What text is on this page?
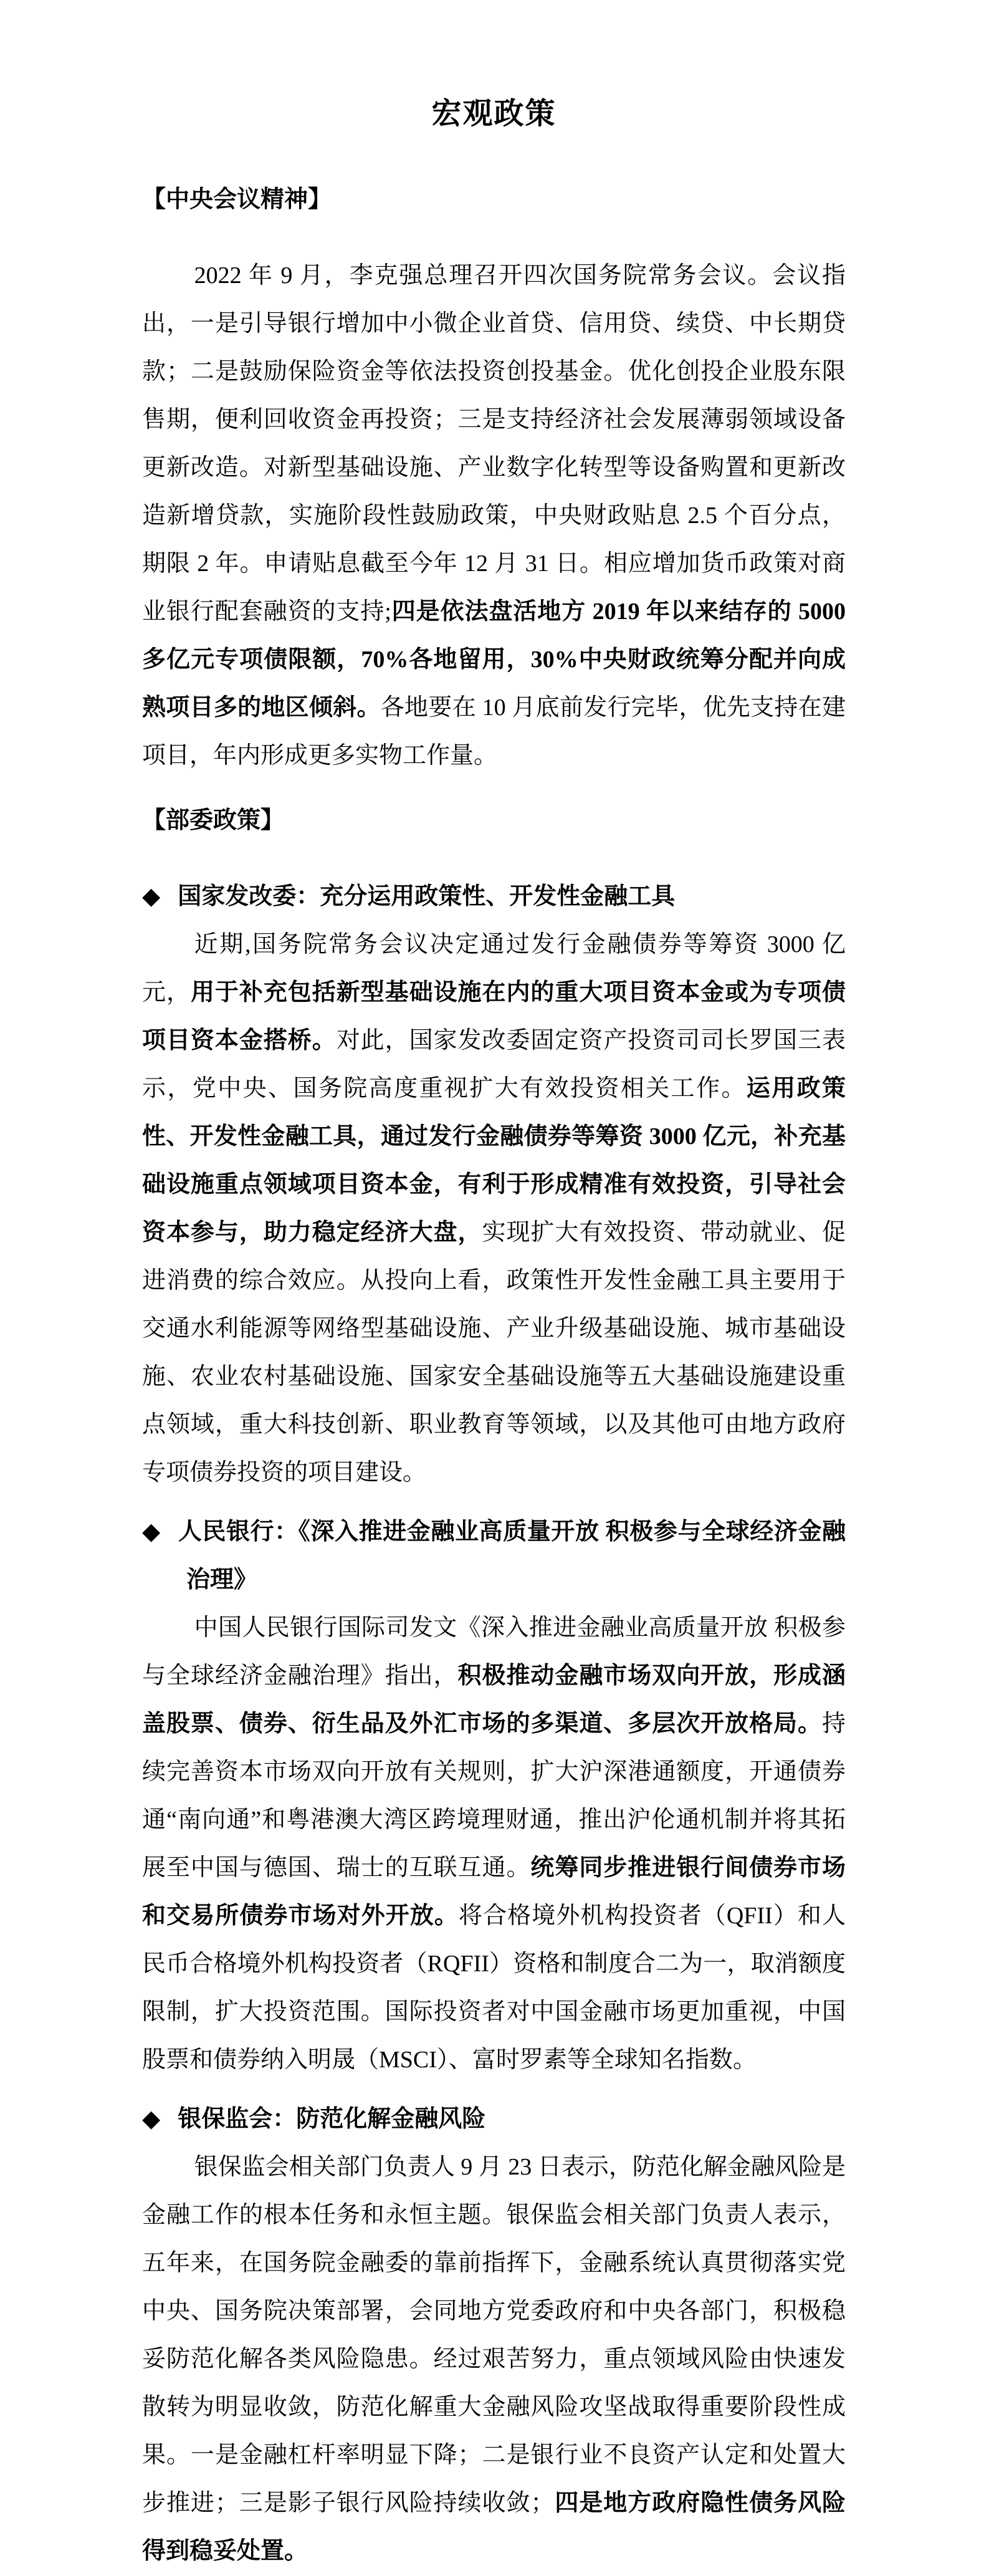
宏观政策
【中央会议精神】

2022 年 9 月，李克强总理召开四次国务院常务会议。会议指出，一是引导银行增加中小微企业首贷、信用贷、续贷、中长期贷款；二是鼓励保险资金等依法投资创投基金。优化创投企业股东限售期，便利回收资金再投资；三是支持经济社会发展薄弱领域设备更新改造。对新型基础设施、产业数字化转型等设备购置和更新改造新增贷款，实施阶段性鼓励政策，中央财政贴息 2.5 个百分点，期限 2 年。申请贴息截至今年 12 月 31 日。相应增加货币政策对商业银行配套融资的支持;四是依法盘活地方 2019 年以来结存的 5000 多亿元专项债限额，70%各地留用，30%中央财政统筹分配并向成熟项目多的地区倾斜。各地要在 10 月底前发行完毕，优先支持在建项目，年内形成更多实物工作量。

【部委政策】
◆ 国家发改委：充分运用政策性、开发性金融工具

近期,国务院常务会议决定通过发行金融债券等筹资 3000 亿元，用于补充包括新型基础设施在内的重大项目资本金或为专项债项目资本金搭桥。对此，国家发改委固定资产投资司司长罗国三表示，党中央、国务院高度重视扩大有效投资相关工作。运用政策性、开发性金融工具，通过发行金融债券等筹资 3000 亿元，补充基础设施重点领域项目资本金，有利于形成精准有效投资，引导社会资本参与，助力稳定经济大盘，实现扩大有效投资、带动就业、促进消费的综合效应。从投向上看，政策性开发性金融工具主要用于交通水利能源等网络型基础设施、产业升级基础设施、城市基础设施、农业农村基础设施、国家安全基础设施等五大基础设施建设重点领域，重大科技创新、职业教育等领域，以及其他可由地方政府专项债券投资的项目建设。

◆ 人民银行：《深入推进金融业高质量开放 积极参与全球经济金融治理》

中国人民银行国际司发文《深入推进金融业高质量开放 积极参与全球经济金融治理》指出，积极推动金融市场双向开放，形成涵盖股票、债券、衍生品及外汇市场的多渠道、多层次开放格局。持续完善资本市场双向开放有关规则，扩大沪深港通额度，开通债券通“南向通”和粤港澳大湾区跨境理财通，推出沪伦通机制并将其拓展至中国与德国、瑞士的互联互通。统筹同步推进银行间债券市场和交易所债券市场对外开放。将合格境外机构投资者（QFII）和人民币合格境外机构投资者（RQFII）资格和制度合二为一，取消额度限制，扩大投资范围。国际投资者对中国金融市场更加重视，中国股票和债券纳入明晟（MSCI）、富时罗素等全球知名指数。

◆ 银保监会：防范化解金融风险

银保监会相关部门负责人 9 月 23 日表示，防范化解金融风险是金融工作的根本任务和永恒主题。银保监会相关部门负责人表示，五年来，在国务院金融委的靠前指挥下，金融系统认真贯彻落实党中央、国务院决策部署，会同地方党委政府和中央各部门，积极稳妥防范化解各类风险隐患。经过艰苦努力，重点领域风险由快速发散转为明显收敛，防范化解重大金融风险攻坚战取得重要阶段性成果。一是金融杠杆率明显下降；二是银行业不良资产认定和处置大步推进；三是影子银行风险持续收敛；四是地方政府隐性债务风险得到稳妥处置。
